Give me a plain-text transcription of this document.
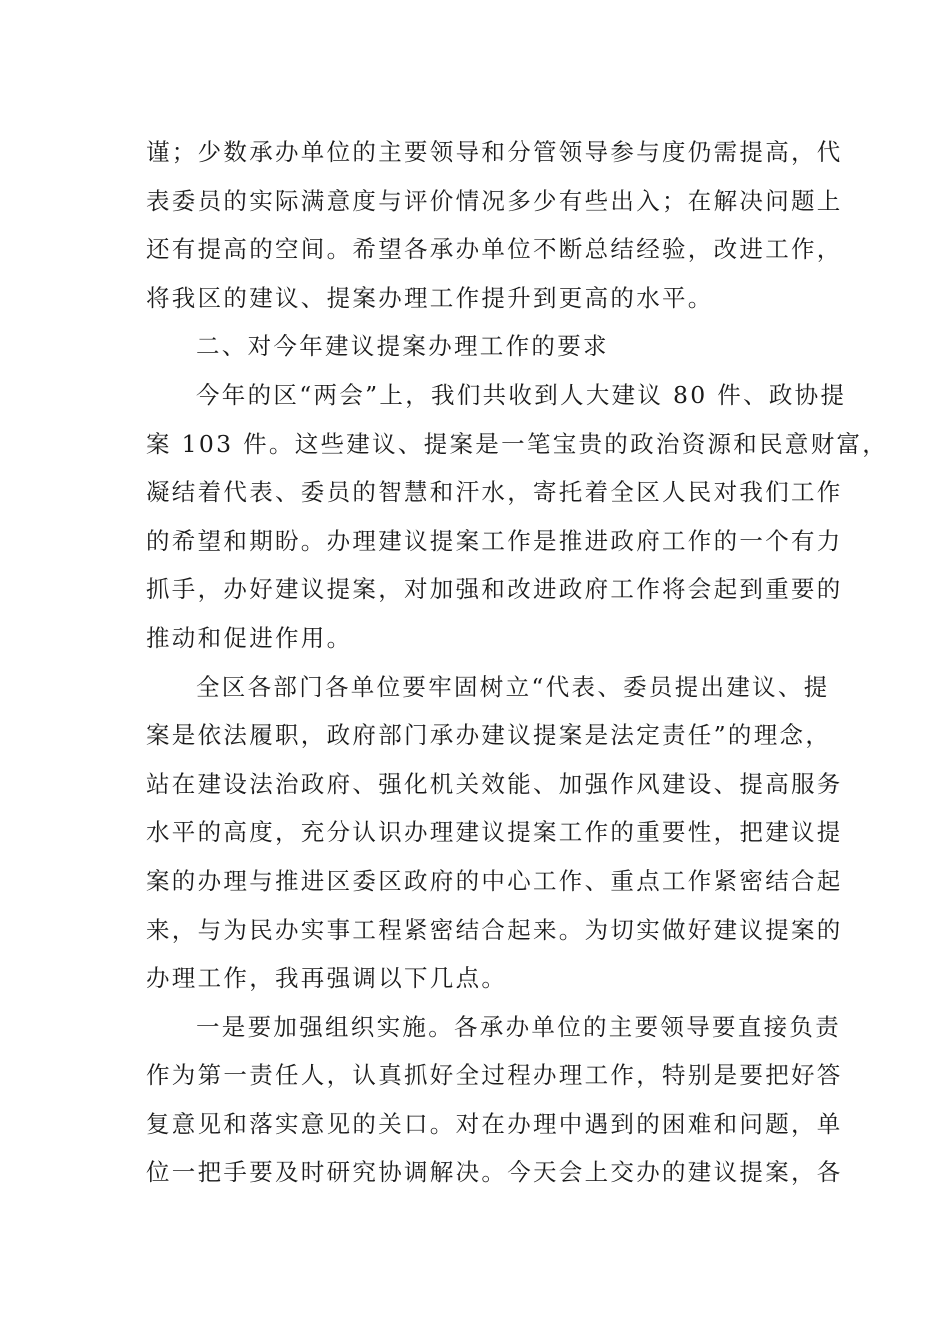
谨；少数承办单位的主要领导和分管领导参与度仍需提高，代
表委员的实际满意度与评价情况多少有些出入；在解决问题上
还有提高的空间。希望各承办单位不断总结经验，改进工作，
将我区的建议、提案办理工作提升到更高的水平。
二、对今年建议提案办理工作的要求
今年的区“两会”上，我们共收到人大建议 80 件、政协提
案 103 件。这些建议、提案是一笔宝贵的政治资源和民意财富，
凝结着代表、委员的智慧和汗水，寄托着全区人民对我们工作
的希望和期盼。办理建议提案工作是推进政府工作的一个有力
抓手，办好建议提案，对加强和改进政府工作将会起到重要的
推动和促进作用。
全区各部门各单位要牢固树立“代表、委员提出建议、提
案是依法履职，政府部门承办建议提案是法定责任”的理念，
站在建设法治政府、强化机关效能、加强作风建设、提高服务
水平的高度，充分认识办理建议提案工作的重要性，把建议提
案的办理与推进区委区政府的中心工作、重点工作紧密结合起
来，与为民办实事工程紧密结合起来。为切实做好建议提案的
办理工作，我再强调以下几点。
一是要加强组织实施。各承办单位的主要领导要直接负责
作为第一责任人，认真抓好全过程办理工作，特别是要把好答
复意见和落实意见的关口。对在办理中遇到的困难和问题，单
位一把手要及时研究协调解决。今天会上交办的建议提案，各
